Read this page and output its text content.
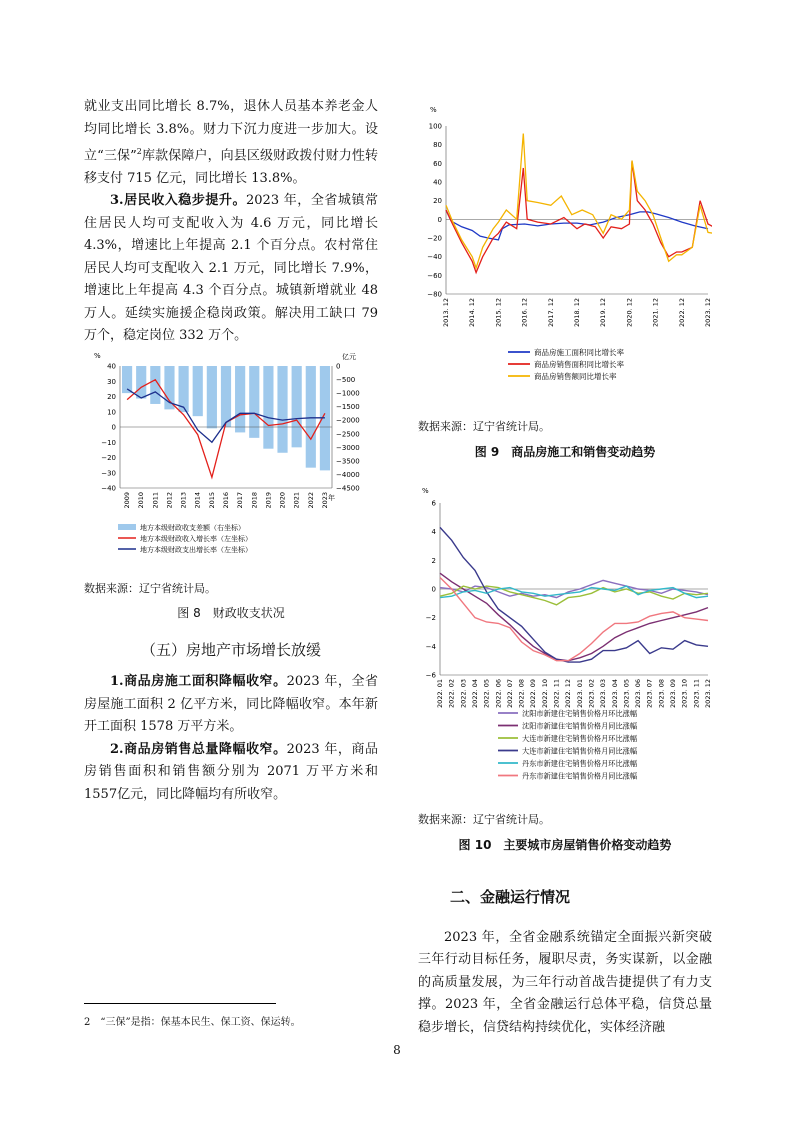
就业支出同比增长 8.7%，退休人员基本养老金人均同比增长 3.8%。财力下沉力度进一步加大。设立“三保”$^2$库款保障户，向县区级财政拨付财力性转移支付 715 亿元，同比增长 13.8%。

3.居民收入稳步提升。2023 年，全省城镇常住居民人均可支配收入为 4.6 万元，同比增长 4.3%，增速比上年提高 2.1 个百分点。农村常住居民人均可支配收入 2.1 万元，同比增长 7.9%，增速比上年提高 4.3 个百分点。城镇新增就业 48 万人。延续实施援企稳岗政策。解决用工缺口 79 万个，稳定岗位 332 万个。

%	亿元
40
30
20
10
0
−10
−20
−30
−40
0
−500
−1000
−1500
−2000
−2500
−3000
−3500
−4000
−4500
2009 2010 2011 2012 2013 2014 2015 2016 2017 2018 2019 2020 2021 2022 2023 年
地方本级财政收支差额（右坐标）
地方本级财政收入增长率（左坐标）
地方本级财政支出增长率（左坐标）

数据来源：辽宁省统计局。

图 8　财政收支状况

（五）房地产市场增长放缓

1.商品房施工面积降幅收窄。2023 年，全省房屋施工面积 2 亿平方米，同比降幅收窄。本年新开工面积 1578 万平方米。

2.商品房销售总量降幅收窄。2023 年，商品房销售面积和销售额分别为 2071 万平方米和 1557亿元，同比降幅均有所收窄。

%
100
80
60
40
20
0
−20
−40
−60
−80
2013. 12	2014. 12	2015. 12	2016. 12	2017. 12	2018. 12	2019. 12	2020. 12	2021. 12	2022. 12	2023. 12
商品房施工面积同比增长率
商品房销售面积同比增长率
商品房销售额同比增长率

数据来源：辽宁省统计局。

图 9　商品房施工和销售变动趋势

%
6
4
2
0
−2
−4
−6
2022. 01 2022. 02 2022. 03 2022. 04 2022. 05 2022. 06 2022. 07 2022. 08 2022. 09 2022. 10 2022. 11 2022. 12 2023. 01 2023. 02 2023. 03 2023. 04 2023. 05 2023. 06 2023. 07 2023. 08 2023. 09 2023. 10 2023. 11 2023. 12
沈阳市新建住宅销售价格月环比涨幅
沈阳市新建住宅销售价格月同比涨幅
大连市新建住宅销售价格月环比涨幅
大连市新建住宅销售价格月同比涨幅
丹东市新建住宅销售价格月环比涨幅
丹东市新建住宅销售价格月同比涨幅

数据来源：辽宁省统计局。

图 10　主要城市房屋销售价格变动趋势

二、金融运行情况

2023 年，全省金融系统锚定全面振兴新突破三年行动目标任务，履职尽责，务实谋新，以金融的高质量发展，为三年行动首战告捷提供了有力支撑。2023 年，全省金融运行总体平稳，信贷总量稳步增长，信贷结构持续优化，实体经济融

2　“三保”是指：保基本民生、保工资、保运转。
8
